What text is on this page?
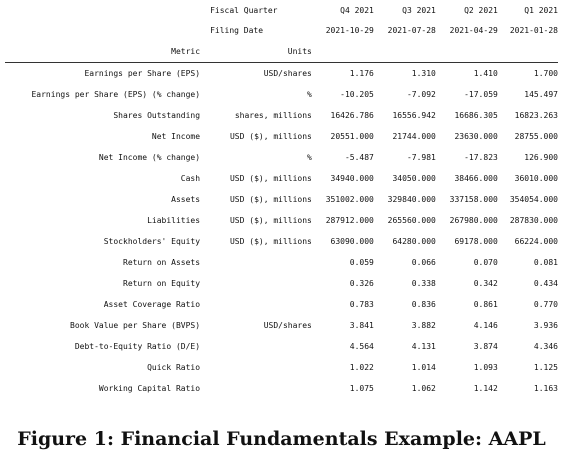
	Fiscal Quarter	Q4 2021	Q3 2021	Q2 2021	Q1 2021
	Filing Date	2021-10-29	2021-07-28	2021-04-29	2021-01-28
Metric	Units				

Earnings per Share (EPS)	USD/shares	1.176	1.310	1.410	1.700
Earnings per Share (EPS) (% change)	%	-10.205	-7.092	-17.059	145.497
Shares Outstanding	shares, millions	16426.786	16556.942	16686.305	16823.263
Net Income	USD ($), millions	20551.000	21744.000	23630.000	28755.000
Net Income (% change)	%	-5.487	-7.981	-17.823	126.900
Cash	USD ($), millions	34940.000	34050.000	38466.000	36010.000
Assets	USD ($), millions	351002.000	329840.000	337158.000	354054.000
Liabilities	USD ($), millions	287912.000	265560.000	267980.000	287830.000
Stockholders' Equity	USD ($), millions	63090.000	64280.000	69178.000	66224.000
Return on Assets		0.059	0.066	0.070	0.081
Return on Equity		0.326	0.338	0.342	0.434
Asset Coverage Ratio		0.783	0.836	0.861	0.770
Book Value per Share (BVPS)	USD/shares	3.841	3.882	4.146	3.936
Debt-to-Equity Ratio (D/E)		4.564	4.131	3.874	4.346
Quick Ratio		1.022	1.014	1.093	1.125
Working Capital Ratio		1.075	1.062	1.142	1.163
Figure 1: Financial Fundamentals Example: AAPL
